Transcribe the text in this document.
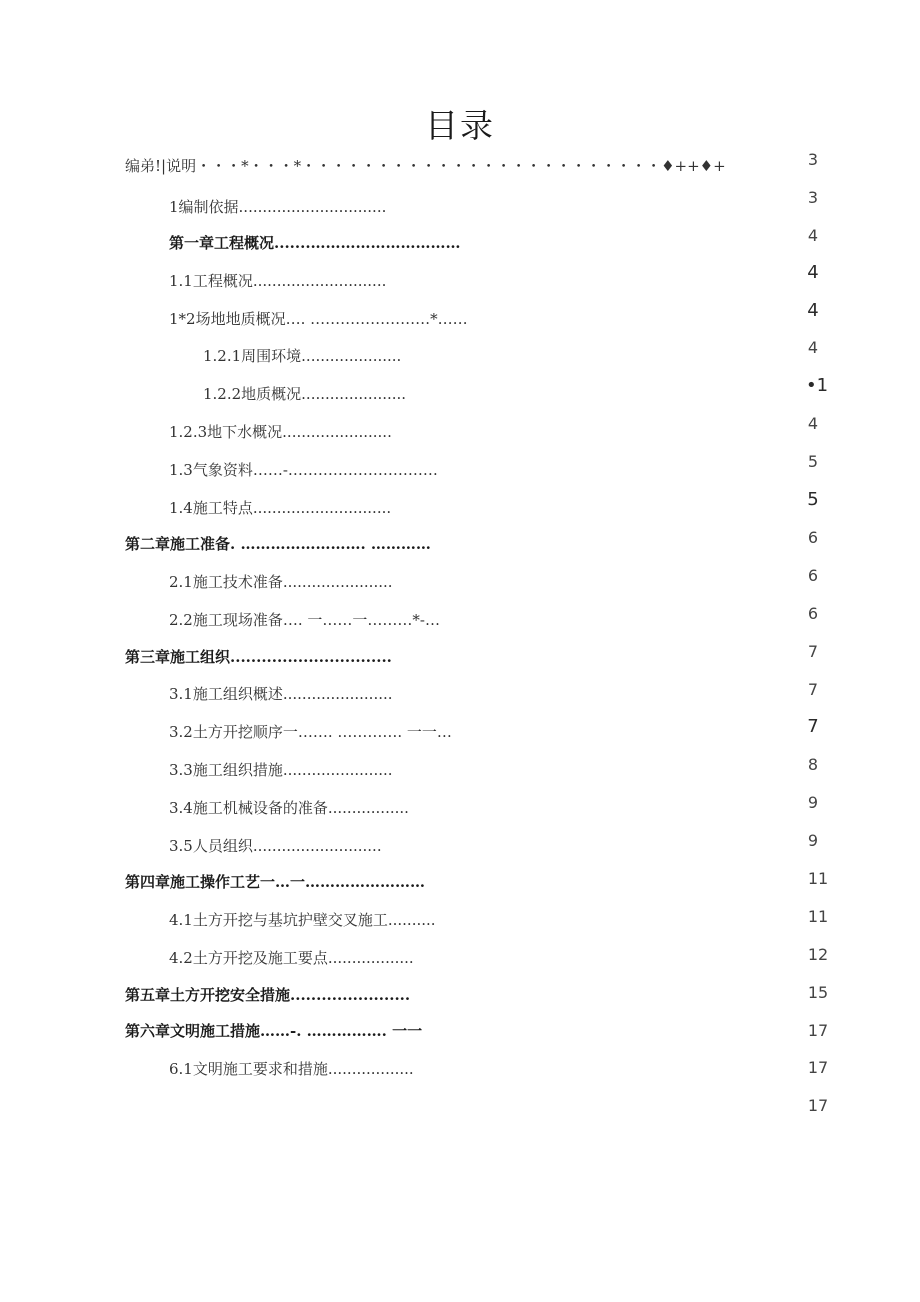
目录
编弟!|说明・・・*・・・*・・・・・・・・・・・・・・・・・・・・・・・・♦++♦+
1编制依据...............................
第一章工程概况.......…………………………
1.1工程概况............................
1*2场地地质概况…. ……………………*……
1.2.1周围环境.....................
1.2.2地质概况......................
1.2.3地下水概况.......................
1.3气象资料……-…………………………
1.4施工特点.............................
第二章施工准备. ……………………. …………
2.1施工技术准备.......................
2.2施工现场准备…. 一……一………*-…
第三章施工组织...............................
3.1施工组织概述.......................
3.2土方开挖顺序一……. …………. 一一…
3.3施工组织措施.......................
3.4施工机械设备的准备.................
3.5人员组织...........................
第四章施工操作工艺一…一……………………
4.1土方开挖与基坑护壁交叉施工..........
4.2土方开挖及施工要点..................
第五章土方开挖安全措施.......................
第六章文明施工措施……-. ……………. 一一
6.1文明施工要求和措施..................
3
3
4
4
4
4
•1
4
5
5
6
6
6
7
7
7
8
9
9
11
11
12
15
17
17
17
